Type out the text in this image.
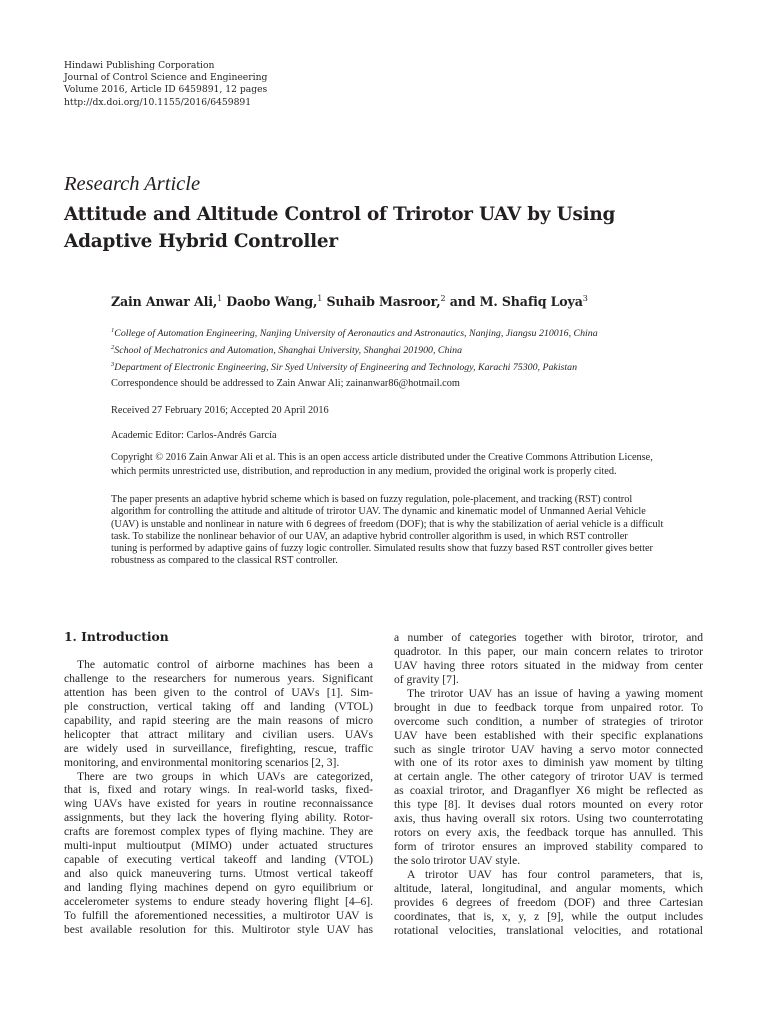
Hindawi Publishing Corporation
Journal of Control Science and Engineering
Volume 2016, Article ID 6459891, 12 pages
http://dx.doi.org/10.1155/2016/6459891
Research Article
Attitude and Altitude Control of Trirotor UAV by Using
Adaptive Hybrid Controller
Zain Anwar Ali,$^1$ Daobo Wang,$^1$ Suhaib Masroor,$^2$ and M. Shafiq Loya$^3$
$^1$College of Automation Engineering, Nanjing University of Aeronautics and Astronautics, Nanjing, Jiangsu 210016, China
$^2$School of Mechatronics and Automation, Shanghai University, Shanghai 201900, China
$^3$Department of Electronic Engineering, Sir Syed University of Engineering and Technology, Karachi 75300, Pakistan
Correspondence should be addressed to Zain Anwar Ali; zainanwar86@hotmail.com
Received 27 February 2016; Accepted 20 April 2016
Academic Editor: Carlos-Andrés García
Copyright © 2016 Zain Anwar Ali et al. This is an open access article distributed under the Creative Commons Attribution License,
which permits unrestricted use, distribution, and reproduction in any medium, provided the original work is properly cited.
The paper presents an adaptive hybrid scheme which is based on fuzzy regulation, pole-placement, and tracking (RST) control
algorithm for controlling the attitude and altitude of trirotor UAV. The dynamic and kinematic model of Unmanned Aerial Vehicle
(UAV) is unstable and nonlinear in nature with 6 degrees of freedom (DOF); that is why the stabilization of aerial vehicle is a difficult
task. To stabilize the nonlinear behavior of our UAV, an adaptive hybrid controller algorithm is used, in which RST controller
tuning is performed by adaptive gains of fuzzy logic controller. Simulated results show that fuzzy based RST controller gives better
robustness as compared to the classical RST controller.
1. Introduction
The automatic control of airborne machines has been a
challenge to the researchers for numerous years. Significant
attention has been given to the control of UAVs [1]. Sim-
ple construction, vertical taking off and landing (VTOL)
capability, and rapid steering are the main reasons of micro
helicopter that attract military and civilian users. UAVs
are widely used in surveillance, firefighting, rescue, traffic
monitoring, and environmental monitoring scenarios [2, 3].
There are two groups in which UAVs are categorized,
that is, fixed and rotary wings. In real-world tasks, fixed-
wing UAVs have existed for years in routine reconnaissance
assignments, but they lack the hovering flying ability. Rotor-
crafts are foremost complex types of flying machine. They are
multi-input multioutput (MIMO) under actuated structures
capable of executing vertical takeoff and landing (VTOL)
and also quick maneuvering turns. Utmost vertical takeoff
and landing flying machines depend on gyro equilibrium or
accelerometer systems to endure steady hovering flight [4–6].
To fulfill the aforementioned necessities, a multirotor UAV is
best available resolution for this. Multirotor style UAV has
a number of categories together with birotor, trirotor, and
quadrotor. In this paper, our main concern relates to trirotor
UAV having three rotors situated in the midway from center
of gravity [7].
The trirotor UAV has an issue of having a yawing moment
brought in due to feedback torque from unpaired rotor. To
overcome such condition, a number of strategies of trirotor
UAV have been established with their specific explanations
such as single trirotor UAV having a servo motor connected
with one of its rotor axes to diminish yaw moment by tilting
at certain angle. The other category of trirotor UAV is termed
as coaxial trirotor, and Draganflyer X6 might be reflected as
this type [8]. It devises dual rotors mounted on every rotor
axis, thus having overall six rotors. Using two counterrotating
rotors on every axis, the feedback torque has annulled. This
form of trirotor ensures an improved stability compared to
the solo trirotor UAV style.
A trirotor UAV has four control parameters, that is,
altitude, lateral, longitudinal, and angular moments, which
provides 6 degrees of freedom (DOF) and three Cartesian
coordinates, that is, x, y, z [9], while the output includes
rotational velocities, translational velocities, and rotational
